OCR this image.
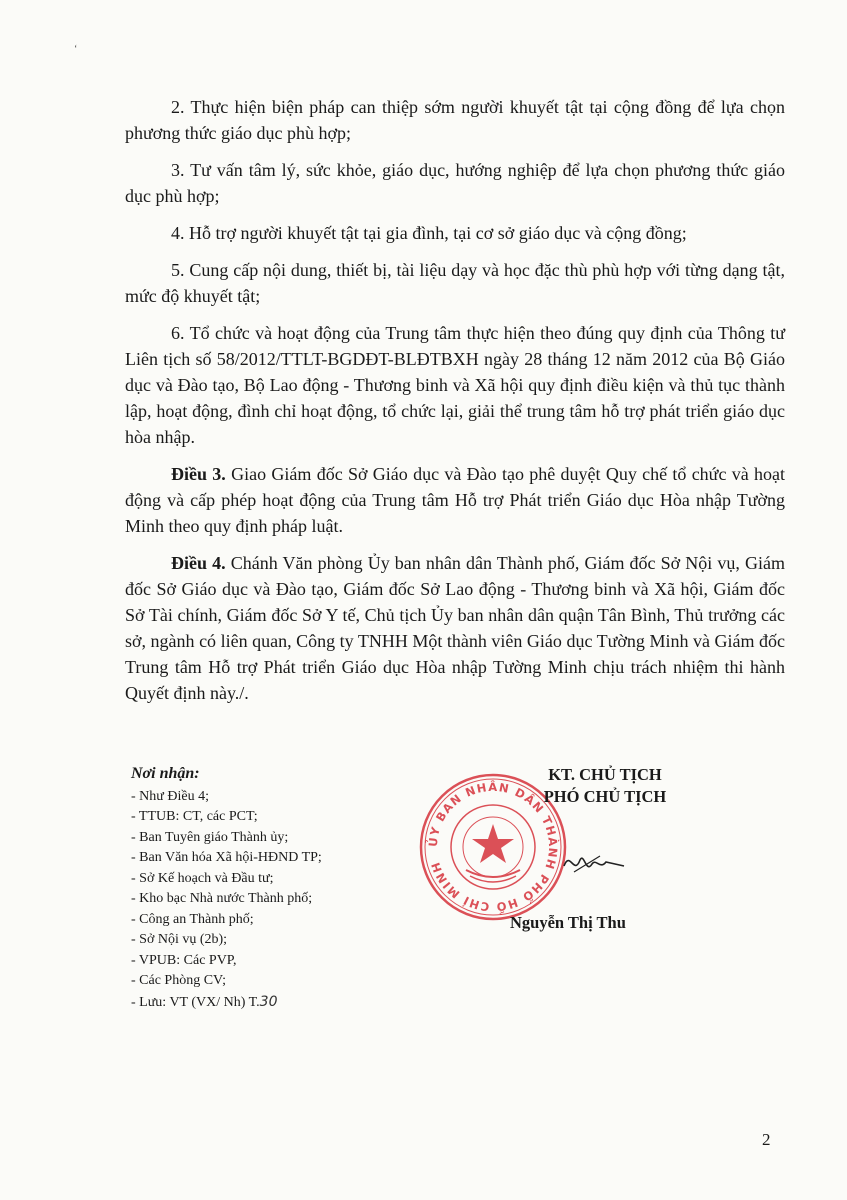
‘

2. Thực hiện biện pháp can thiệp sớm người khuyết tật tại cộng đồng để lựa chọn phương thức giáo dục phù hợp;

3. Tư vấn tâm lý, sức khỏe, giáo dục, hướng nghiệp để lựa chọn phương thức giáo dục phù hợp;

4. Hỗ trợ người khuyết tật tại gia đình, tại cơ sở giáo dục và cộng đồng;

5. Cung cấp nội dung, thiết bị, tài liệu dạy và học đặc thù phù hợp với từng dạng tật, mức độ khuyết tật;

6. Tổ chức và hoạt động của Trung tâm thực hiện theo đúng quy định của Thông tư Liên tịch số 58/2012/TTLT-BGDĐT-BLĐTBXH ngày 28 tháng 12 năm 2012 của Bộ Giáo dục và Đào tạo, Bộ Lao động - Thương binh và Xã hội quy định điều kiện và thủ tục thành lập, hoạt động, đình chỉ hoạt động, tổ chức lại, giải thể trung tâm hỗ trợ phát triển giáo dục hòa nhập.

Điều 3. Giao Giám đốc Sở Giáo dục và Đào tạo phê duyệt Quy chế tổ chức và hoạt động và cấp phép hoạt động của Trung tâm Hỗ trợ Phát triển Giáo dục Hòa nhập Tường Minh theo quy định pháp luật.

Điều 4. Chánh Văn phòng Ủy ban nhân dân Thành phố, Giám đốc Sở Nội vụ, Giám đốc Sở Giáo dục và Đào tạo, Giám đốc Sở Lao động - Thương binh và Xã hội, Giám đốc Sở Tài chính, Giám đốc Sở Y tế, Chủ tịch Ủy ban nhân dân quận Tân Bình, Thủ trưởng các sở, ngành có liên quan, Công ty TNHH Một thành viên Giáo dục Tường Minh và Giám đốc Trung tâm Hỗ trợ Phát triển Giáo dục Hòa nhập Tường Minh chịu trách nhiệm thi hành Quyết định này./.

Nơi nhận:
- Như Điều 4;
- TTUB: CT, các PCT;
- Ban Tuyên giáo Thành ủy;
- Ban Văn hóa Xã hội-HĐND TP;
- Sở Kế hoạch và Đầu tư;
- Kho bạc Nhà nước Thành phố;
- Công an Thành phố;
- Sở Nội vụ (2b);
- VPUB: Các PVP,
- Các Phòng CV;
- Lưu: VT (VX/ Nh) T.30
ỦY BAN NHÂN DÂN THÀNH PHỐ HỒ CHÍ MINH
KT. CHỦ TỊCH
PHÓ CHỦ TỊCH
Nguyễn Thị Thu
2
